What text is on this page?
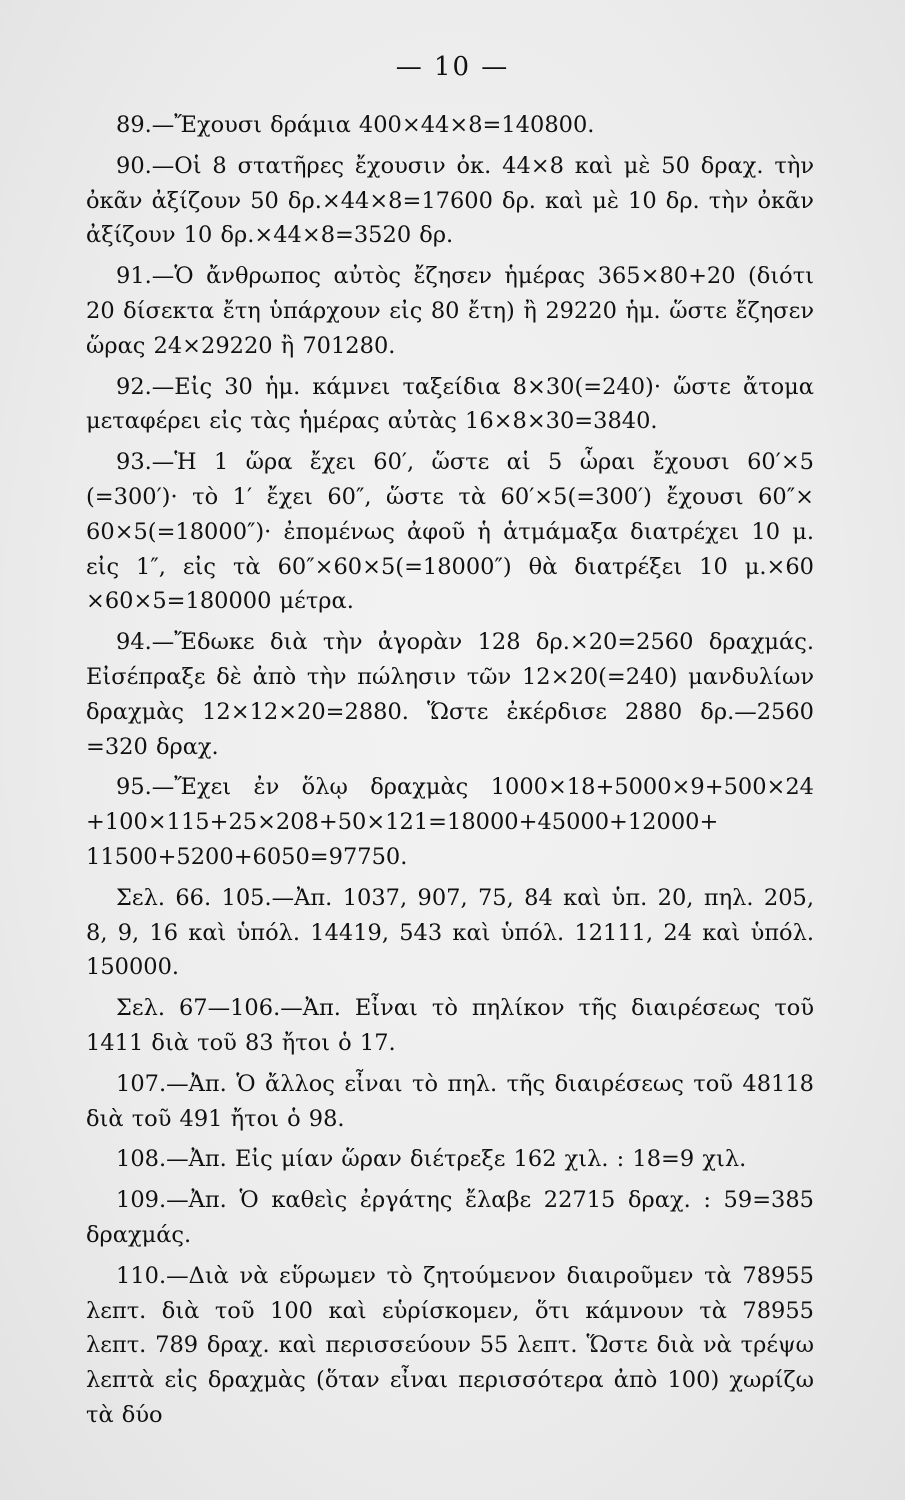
— 10 —

89.—Ἔχουσι δράμια 400×44×8=140800.

90.—Οἱ 8 στατῆρες ἔχουσιν ὀκ. 44×8 καὶ μὲ 50 δραχ. τὴν ὀκᾶν ἀξίζουν 50 δρ.×44×8=17600 δρ. καὶ μὲ 10 δρ. τὴν ὀκᾶν ἀξίζουν 10 δρ.×44×8=3520 δρ.

91.—Ὁ ἄνθρωπος αὐτὸς ἔζησεν ἡμέρας 365×80+20 (διότι 20 δίσεκτα ἔτη ὑπάρχουν εἰς 80 ἔτη) ἢ 29220 ἡμ. ὥστε ἔζησεν ὥρας 24×29220 ἢ 701280.

92.—Εἰς 30 ἡμ. κάμνει ταξείδια 8×30(=240)· ὥστε ἄτομα μεταφέρει εἰς τὰς ἡμέρας αὐτὰς 16×8×30=3840.

93.—Ἡ 1 ὥρα ἔχει 60′, ὥστε αἱ 5 ὧραι ἔχουσι 60′×5 (=300′)· τὸ 1′ ἔχει 60″, ὥστε τὰ 60′×5(=300′) ἔχουσι 60″× 60×5(=18000″)· ἐπομένως ἀφοῦ ἡ ἁτμάμαξα διατρέχει 10 μ. εἰς 1″, εἰς τὰ 60″×60×5(=18000″) θὰ διατρέξει 10 μ.×60 ×60×5=180000 μέτρα.

94.—Ἔδωκε διὰ τὴν ἀγορὰν 128 δρ.×20=2560 δραχμάς. Εἰσέπραξε δὲ ἀπὸ τὴν πώλησιν τῶν 12×20(=240) μανδυλίων δραχμὰς 12×12×20=2880. Ὥστε ἐκέρδισε 2880 δρ.—2560 =320 δραχ.

95.—Ἔχει ἐν ὅλῳ δραχμὰς 1000×18+5000×9+500×24 +100×115+25×208+50×121=18000+45000+12000+ 11500+5200+6050=97750.

Σελ. 66. 105.—Ἀπ. 1037, 907, 75, 84 καὶ ὑπ. 20, πηλ. 205, 8, 9, 16 καὶ ὑπόλ. 14419, 543 καὶ ὑπόλ. 12111, 24 καὶ ὑπόλ. 150000.

Σελ. 67—106.—Ἀπ. Εἶναι τὸ πηλίκον τῆς διαιρέσεως τοῦ 1411 διὰ τοῦ 83 ἤτοι ὁ 17.

107.—Ἀπ. Ὁ ἄλλος εἶναι τὸ πηλ. τῆς διαιρέσεως τοῦ 48118 διὰ τοῦ 491 ἤτοι ὁ 98.

108.—Ἀπ. Εἰς μίαν ὥραν διέτρεξε 162 χιλ. : 18=9 χιλ.

109.—Ἀπ. Ὁ καθεὶς ἐργάτης ἔλαβε 22715 δραχ. : 59=385 δραχμάς.

110.—Διὰ νὰ εὕρωμεν τὸ ζητούμενον διαιροῦμεν τὰ 78955 λεπτ. διὰ τοῦ 100 καὶ εὑρίσκομεν, ὅτι κάμνουν τὰ 78955 λεπτ. 789 δραχ. καὶ περισσεύουν 55 λεπτ. Ὥστε διὰ νὰ τρέψω λεπτὰ εἰς δραχμὰς (ὅταν εἶναι περισσότερα ἀπὸ 100) χωρίζω τὰ δύο
